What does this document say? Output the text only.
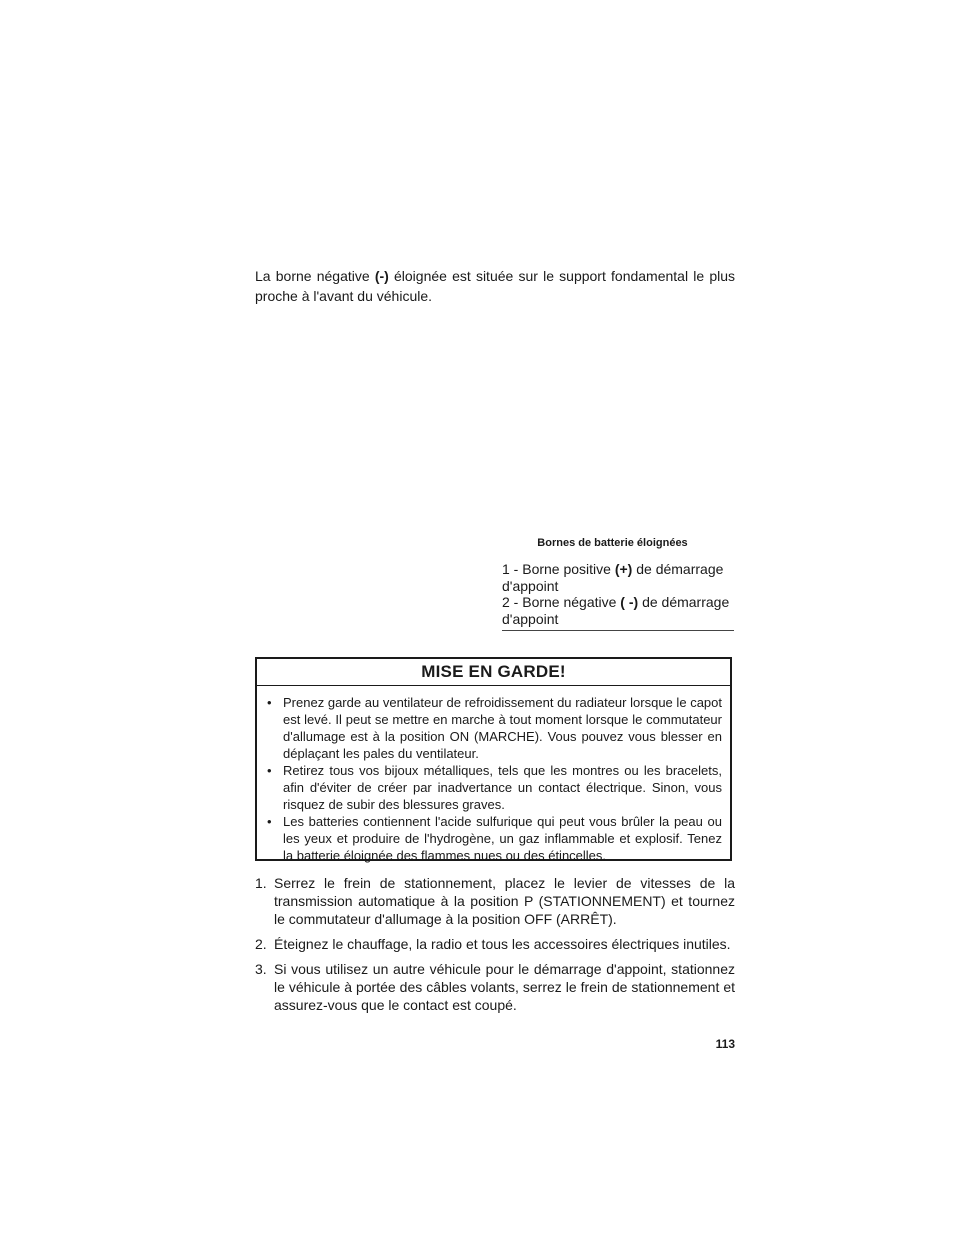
La borne négative (-) éloignée est située sur le support fondamental le plus proche à l'avant du véhicule.

Bornes de batterie éloignées
1 - Borne positive (+) de démarrage d'appoint
2 - Borne négative ( -) de démarrage d'appoint
MISE EN GARDE!
• Prenez garde au ventilateur de refroidissement du radiateur lorsque le capot est levé. Il peut se mettre en marche à tout moment lorsque le commutateur d'allumage est à la position ON (MARCHE). Vous pouvez vous blesser en déplaçant les pales du ventilateur.
• Retirez tous vos bijoux métalliques, tels que les montres ou les bracelets, afin d'éviter de créer par inadvertance un contact électrique. Sinon, vous risquez de subir des blessures graves.
• Les batteries contiennent l'acide sulfurique qui peut vous brûler la peau ou les yeux et produire de l'hydrogène, un gaz inflammable et explosif. Tenez la batterie éloignée des flammes nues ou des étincelles.
1. Serrez le frein de stationnement, placez le levier de vitesses de la transmission automatique à la position P (STATIONNEMENT) et tournez le commutateur d'allumage à la position OFF (ARRÊT).
2. Éteignez le chauffage, la radio et tous les accessoires électriques inutiles.
3. Si vous utilisez un autre véhicule pour le démarrage d'appoint, stationnez le véhicule à portée des câbles volants, serrez le frein de stationnement et assurez-vous que le contact est coupé.
113
